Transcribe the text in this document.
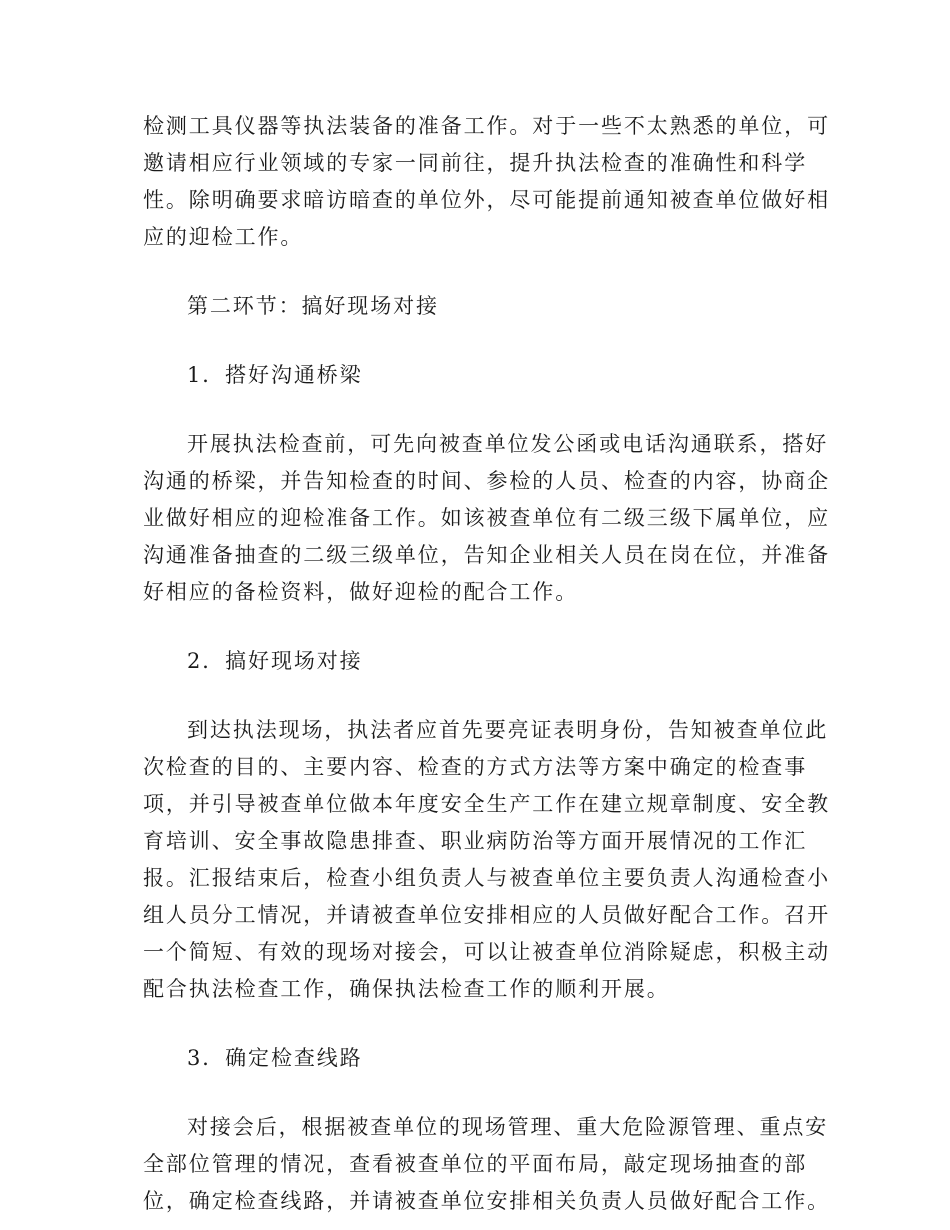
检测工具仪器等执法装备的准备工作。对于一些不太熟悉的单位，可
邀请相应行业领域的专家一同前往，提升执法检查的准确性和科学
性。除明确要求暗访暗查的单位外，尽可能提前通知被查单位做好相
应的迎检工作。
第二环节：搞好现场对接
1．搭好沟通桥梁
开展执法检查前，可先向被查单位发公函或电话沟通联系，搭好
沟通的桥梁，并告知检查的时间、参检的人员、检查的内容，协商企
业做好相应的迎检准备工作。如该被查单位有二级三级下属单位，应
沟通准备抽查的二级三级单位，告知企业相关人员在岗在位，并准备
好相应的备检资料，做好迎检的配合工作。
2．搞好现场对接
到达执法现场，执法者应首先要亮证表明身份，告知被查单位此
次检查的目的、主要内容、检查的方式方法等方案中确定的检查事
项，并引导被查单位做本年度安全生产工作在建立规章制度、安全教
育培训、安全事故隐患排查、职业病防治等方面开展情况的工作汇
报。汇报结束后，检查小组负责人与被查单位主要负责人沟通检查小
组人员分工情况，并请被查单位安排相应的人员做好配合工作。召开
一个简短、有效的现场对接会，可以让被查单位消除疑虑，积极主动
配合执法检查工作，确保执法检查工作的顺利开展。
3．确定检查线路
对接会后，根据被查单位的现场管理、重大危险源管理、重点安
全部位管理的情况，查看被查单位的平面布局，敲定现场抽查的部
位，确定检查线路，并请被查单位安排相关负责人员做好配合工作。
